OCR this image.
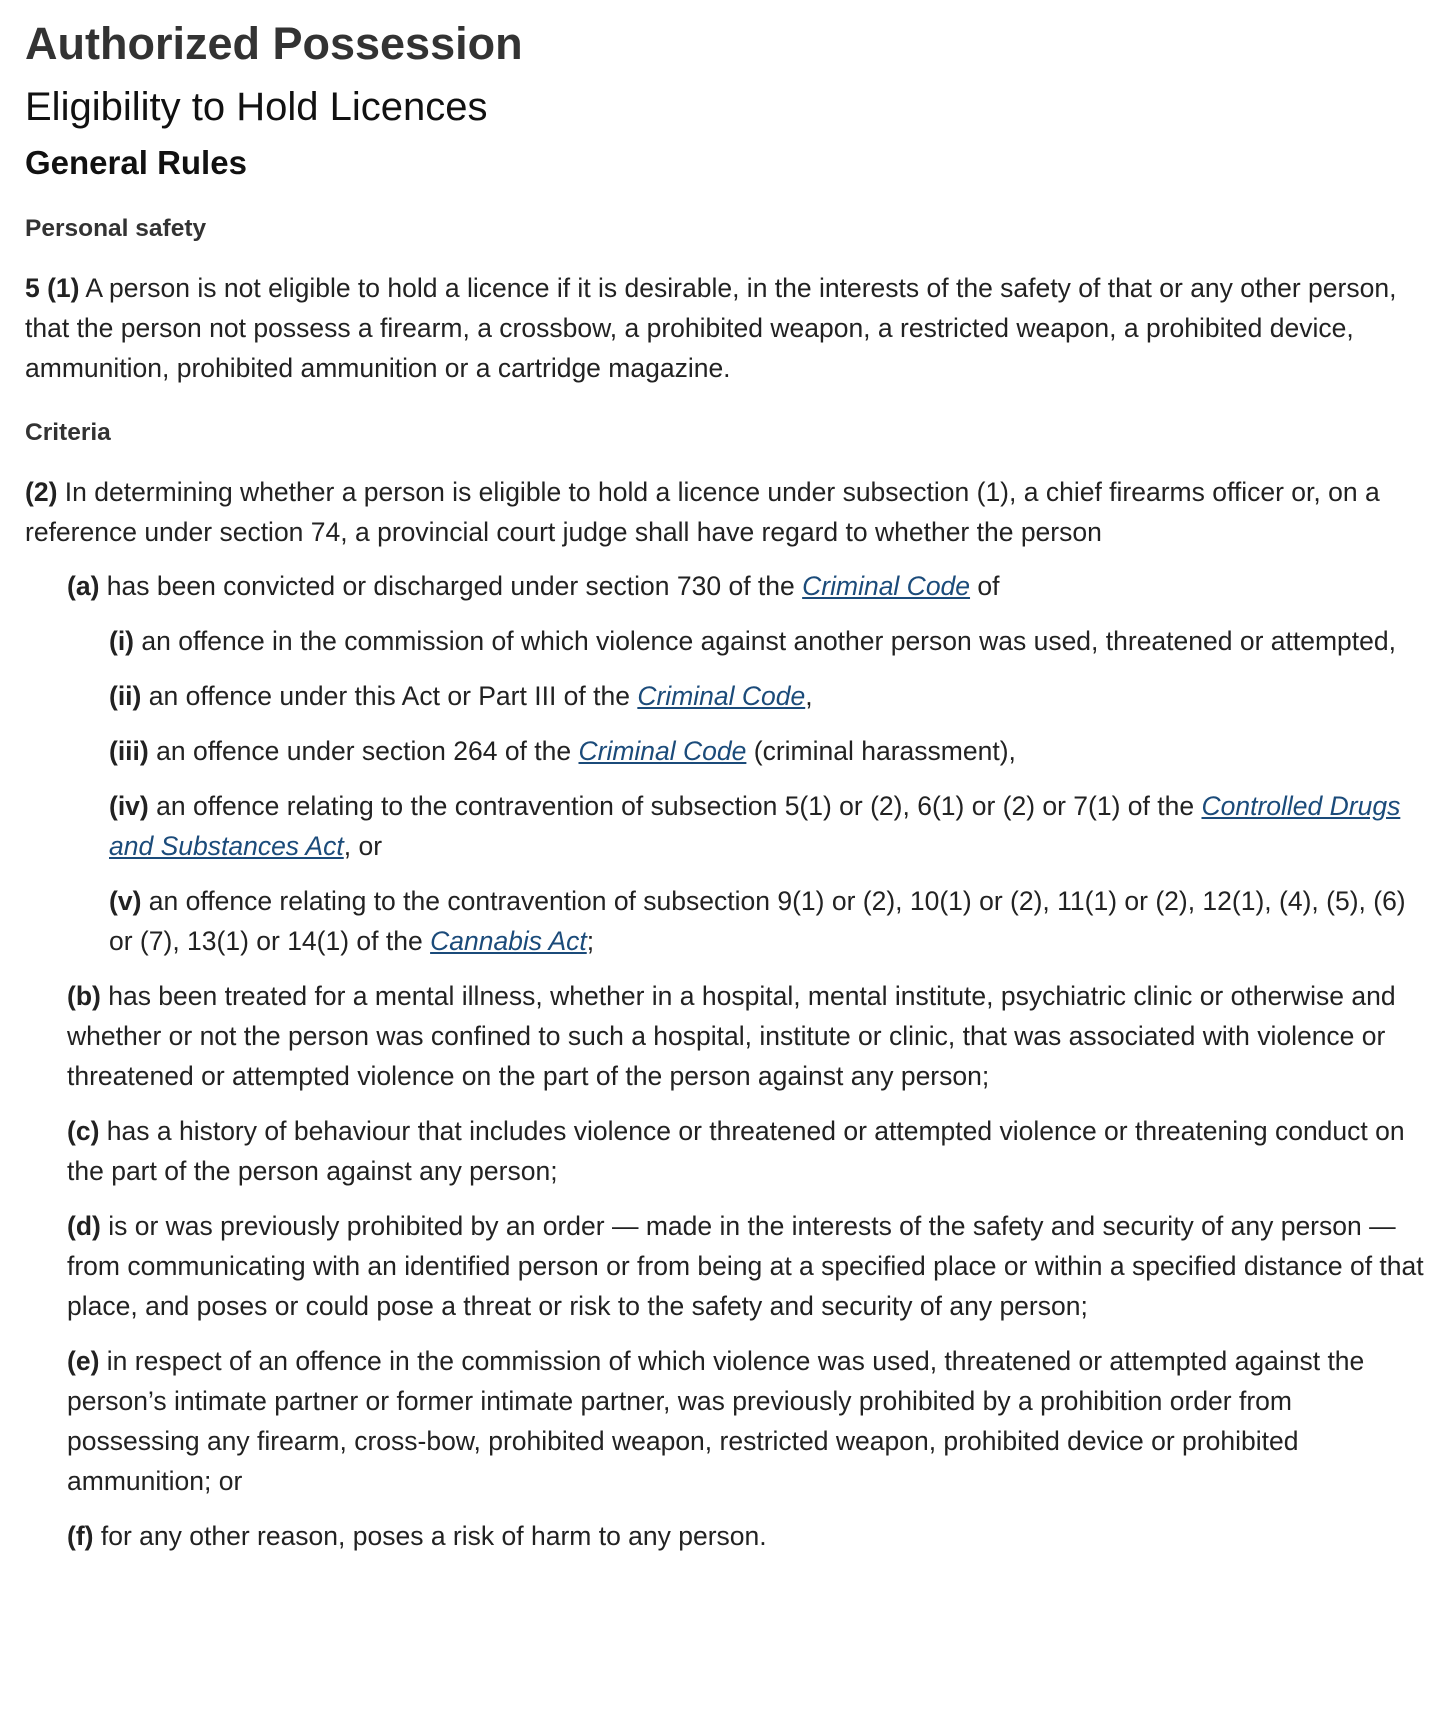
Authorized Possession
Eligibility to Hold Licences
General Rules
Personal safety

5 (1) A person is not eligible to hold a licence if it is desirable, in the interests of the safety of that or any other person, that the person not possess a firearm, a crossbow, a prohibited weapon, a restricted weapon, a prohibited device, ammunition, prohibited ammunition or a cartridge magazine.

Criteria

(2) In determining whether a person is eligible to hold a licence under subsection (1), a chief firearms officer or, on a reference under section 74, a provincial court judge shall have regard to whether the person

(a) has been convicted or discharged under section 730 of the Criminal Code of

(i) an offence in the commission of which violence against another person was used, threatened or attempted,

(ii) an offence under this Act or Part III of the Criminal Code,

(iii) an offence under section 264 of the Criminal Code (criminal harassment),

(iv) an offence relating to the contravention of subsection 5(1) or (2), 6(1) or (2) or 7(1) of the Controlled Drugs and Substances Act, or

(v) an offence relating to the contravention of subsection 9(1) or (2), 10(1) or (2), 11(1) or (2), 12(1), (4), (5), (6) or (7), 13(1) or 14(1) of the Cannabis Act;

(b) has been treated for a mental illness, whether in a hospital, mental institute, psychiatric clinic or otherwise and whether or not the person was confined to such a hospital, institute or clinic, that was associated with violence or threatened or attempted violence on the part of the person against any person;

(c) has a history of behaviour that includes violence or threatened or attempted violence or threatening conduct on the part of the person against any person;

(d) is or was previously prohibited by an order — made in the interests of the safety and security of any person — from communicating with an identified person or from being at a specified place or within a specified distance of that place, and poses or could pose a threat or risk to the safety and security of any person;

(e) in respect of an offence in the commission of which violence was used, threatened or attempted against the person’s intimate partner or former intimate partner, was previously prohibited by a prohibition order from possessing any firearm, cross-bow, prohibited weapon, restricted weapon, prohibited device or prohibited ammunition; or

(f) for any other reason, poses a risk of harm to any person.
